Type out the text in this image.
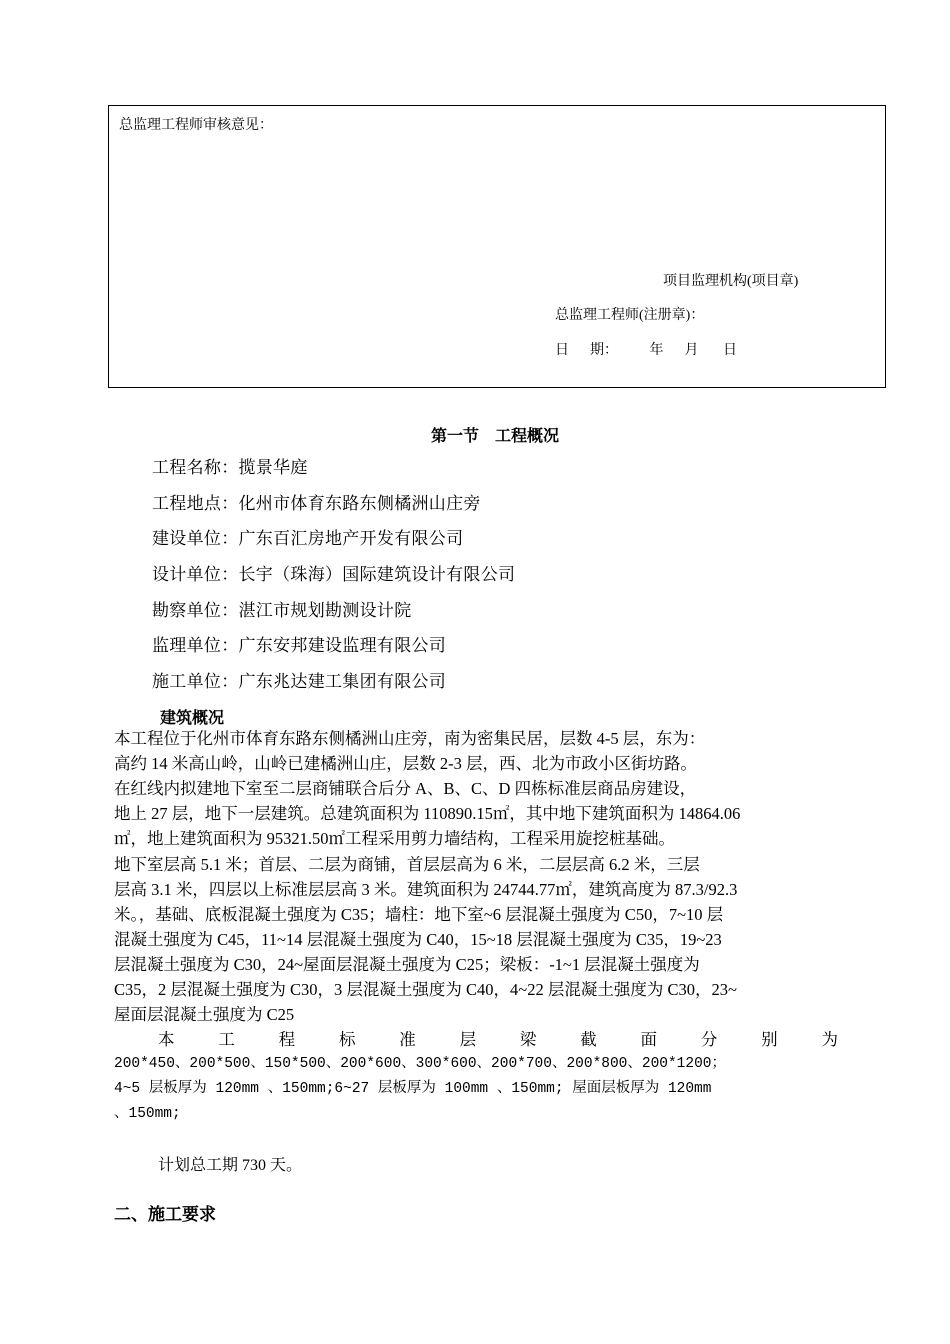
总监理工程师审核意见：
项目监理机构(项目章)
总监理工程师(注册章)：
日      期：         年      月       日
第一节    工程概况
工程名称：揽景华庭
工程地点：化州市体育东路东侧橘洲山庄旁
建设单位：广东百汇房地产开发有限公司
设计单位：长宇（珠海）国际建筑设计有限公司
勘察单位：湛江市规划勘测设计院
监理单位：广东安邦建设监理有限公司
施工单位：广东兆达建工集团有限公司
建筑概况
本工程位于化州市体育东路东侧橘洲山庄旁，南为密集民居，层数 4-5 层，东为：
高约 14 米高山岭，山岭已建橘洲山庄，层数 2-3 层，西、北为市政小区街坊路。
在红线内拟建地下室至二层商铺联合后分 A、B、C、D 四栋标准层商品房建设，
地上 27 层，地下一层建筑。总建筑面积为 110890.15㎡，其中地下建筑面积为 14864.06
㎡，地上建筑面积为 95321.50㎡工程采用剪力墙结构，工程采用旋挖桩基础。
地下室层高 5.1 米；首层、二层为商铺，首层层高为 6 米，二层层高 6.2 米，三层
层高 3.1 米，四层以上标准层层高 3 米。建筑面积为 24744.77㎡，建筑高度为 87.3/92.3
米。，基础、底板混凝土强度为 C35；墙柱：地下室~6 层混凝土强度为 C50，7~10 层
混凝土强度为 C45，11~14 层混凝土强度为 C40，15~18 层混凝土强度为 C35，19~23
层混凝土强度为 C30，24~屋面层混凝土强度为 C25；梁板：-1~1 层混凝土强度为
C35，2 层混凝土强度为 C30，3 层混凝土强度为 C40，4~22 层混凝土强度为 C30，23~
屋面层混凝土强度为 C25
本	工	程	标	准	层	梁	截	面	分	别	为
200*450、200*500、150*500、200*600、300*600、200*700、200*800、200*1200；
4~5 层板厚为 120mm 、150mm;6~27 层板厚为 100mm 、150mm; 屋面层板厚为 120mm
、150mm;
计划总工期 730 天。
二、施工要求
